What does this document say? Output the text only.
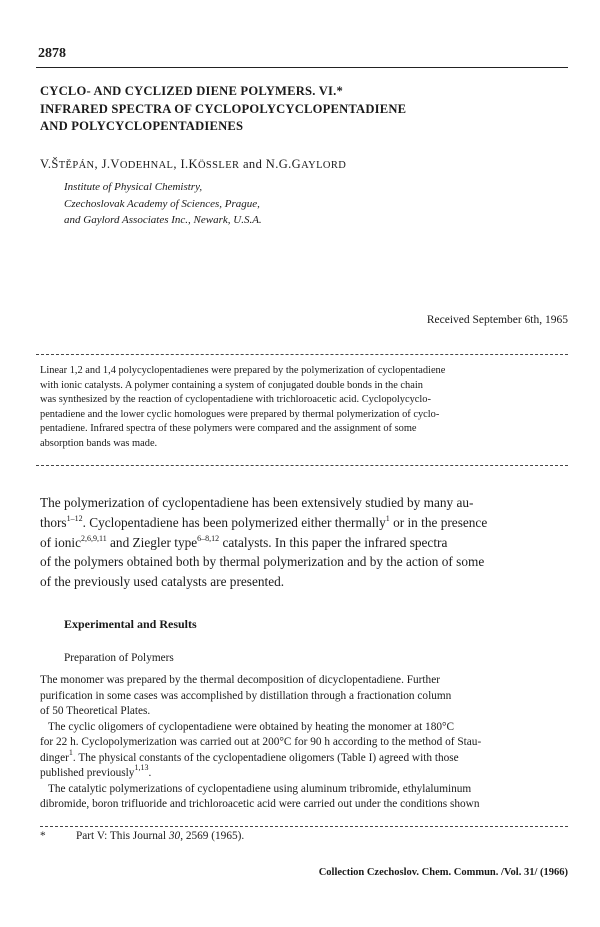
2878
CYCLO- AND CYCLIZED DIENE POLYMERS. VI.*
INFRARED SPECTRA OF CYCLOPOLYCYCLOPENTADIENE
AND POLYCYCLOPENTADIENES
V.ŠTĚPÁN, J.VODEHNAL, I.KÖSSLER and N.G.GAYLORD
Institute of Physical Chemistry,
Czechoslovak Academy of Sciences, Prague,
and Gaylord Associates Inc., Newark, U.S.A.
Received September 6th, 1965
Linear 1,2 and 1,4 polycyclopentadienes were prepared by the polymerization of cyclopentadiene
with ionic catalysts. A polymer containing a system of conjugated double bonds in the chain
was synthesized by the reaction of cyclopentadiene with trichloroacetic acid. Cyclopolycyclo-
pentadiene and the lower cyclic homologues were prepared by thermal polymerization of cyclo-
pentadiene. Infrared spectra of these polymers were compared and the assignment of some
absorption bands was made.
The polymerization of cyclopentadiene has been extensively studied by many au-
thors$^{1-12}$. Cyclopentadiene has been polymerized either thermally$^1$ or in the presence
of ionic$^{2,6,9,11}$ and Ziegler type$^{6-8,12}$ catalysts. In this paper the infrared spectra
of the polymers obtained both by thermal polymerization and by the action of some
of the previously used catalysts are presented.
Experimental and Results
Preparation of Polymers
The monomer was prepared by the thermal decomposition of dicyclopentadiene. Further
purification in some cases was accomplished by distillation through a fractionation column
of 50 Theoretical Plates.
The cyclic oligomers of cyclopentadiene were obtained by heating the monomer at 180°C
for 22 h. Cyclopolymerization was carried out at 200°C for 90 h according to the method of Stau-
dinger$^1$. The physical constants of the cyclopentadiene oligomers (Table I) agreed with those
published previously$^{1,13}$.
The catalytic polymerizations of cyclopentadiene using aluminum tribromide, ethylaluminum
dibromide, boron trifluoride and trichloroacetic acid were carried out under the conditions shown
*	Part V: This Journal 30, 2569 (1965).
Collection Czechoslov. Chem. Commun. /Vol. 31/ (1966)
